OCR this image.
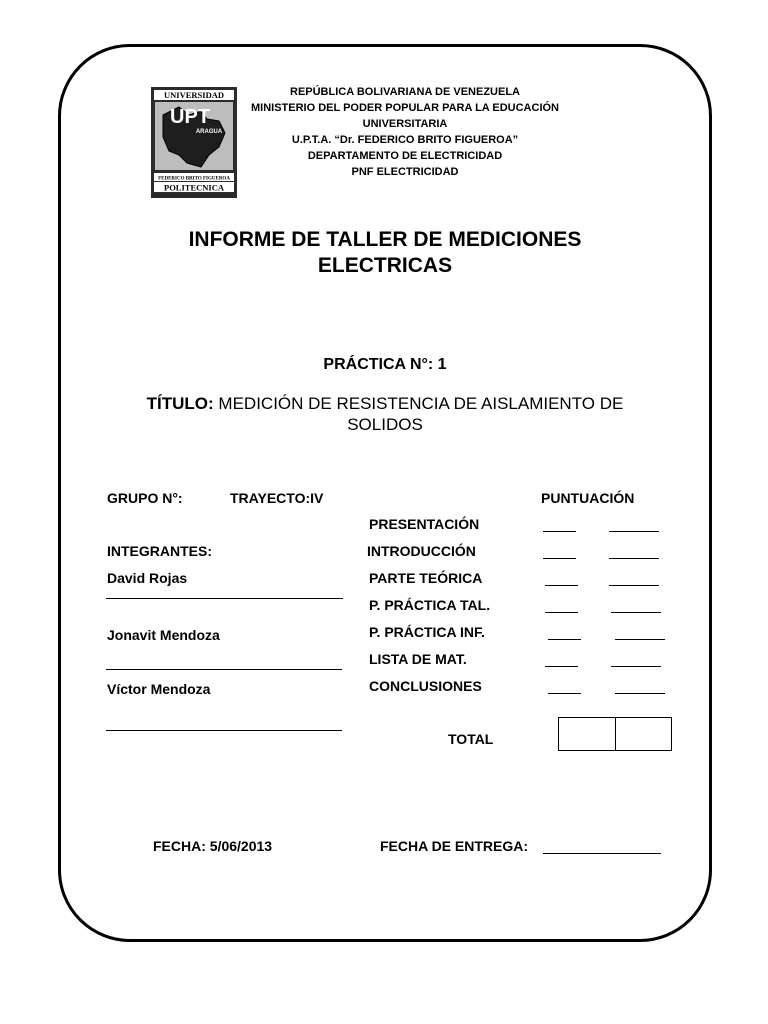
UNIVERSIDAD
UPT
ARAGUA
FEDERICO BRITO FIGUEROA
POLITECNICA
REPÚBLICA BOLIVARIANA DE VENEZUELA
MINISTERIO DEL PODER POPULAR PARA LA EDUCACIÓN
UNIVERSITARIA
U.P.T.A. “Dr. FEDERICO BRITO FIGUEROA”
DEPARTAMENTO DE ELECTRICIDAD
PNF ELECTRICIDAD
INFORME DE TALLER DE MEDICIONES
ELECTRICAS
PRÁCTICA N°: 1
TÍTULO: MEDICIÓN DE RESISTENCIA DE AISLAMIENTO DE
SOLIDOS
GRUPO N°:	TRAYECTO:IV
INTEGRANTES:
David Rojas
Jonavit Mendoza
Víctor Mendoza
PUNTUACIÓN
PRESENTACIÓN
INTRODUCCIÓN
PARTE TEÓRICA
P. PRÁCTICA TAL.
P. PRÁCTICA INF.
LISTA DE MAT.
CONCLUSIONES
TOTAL
FECHA: 5/06/2013	FECHA DE ENTREGA:
